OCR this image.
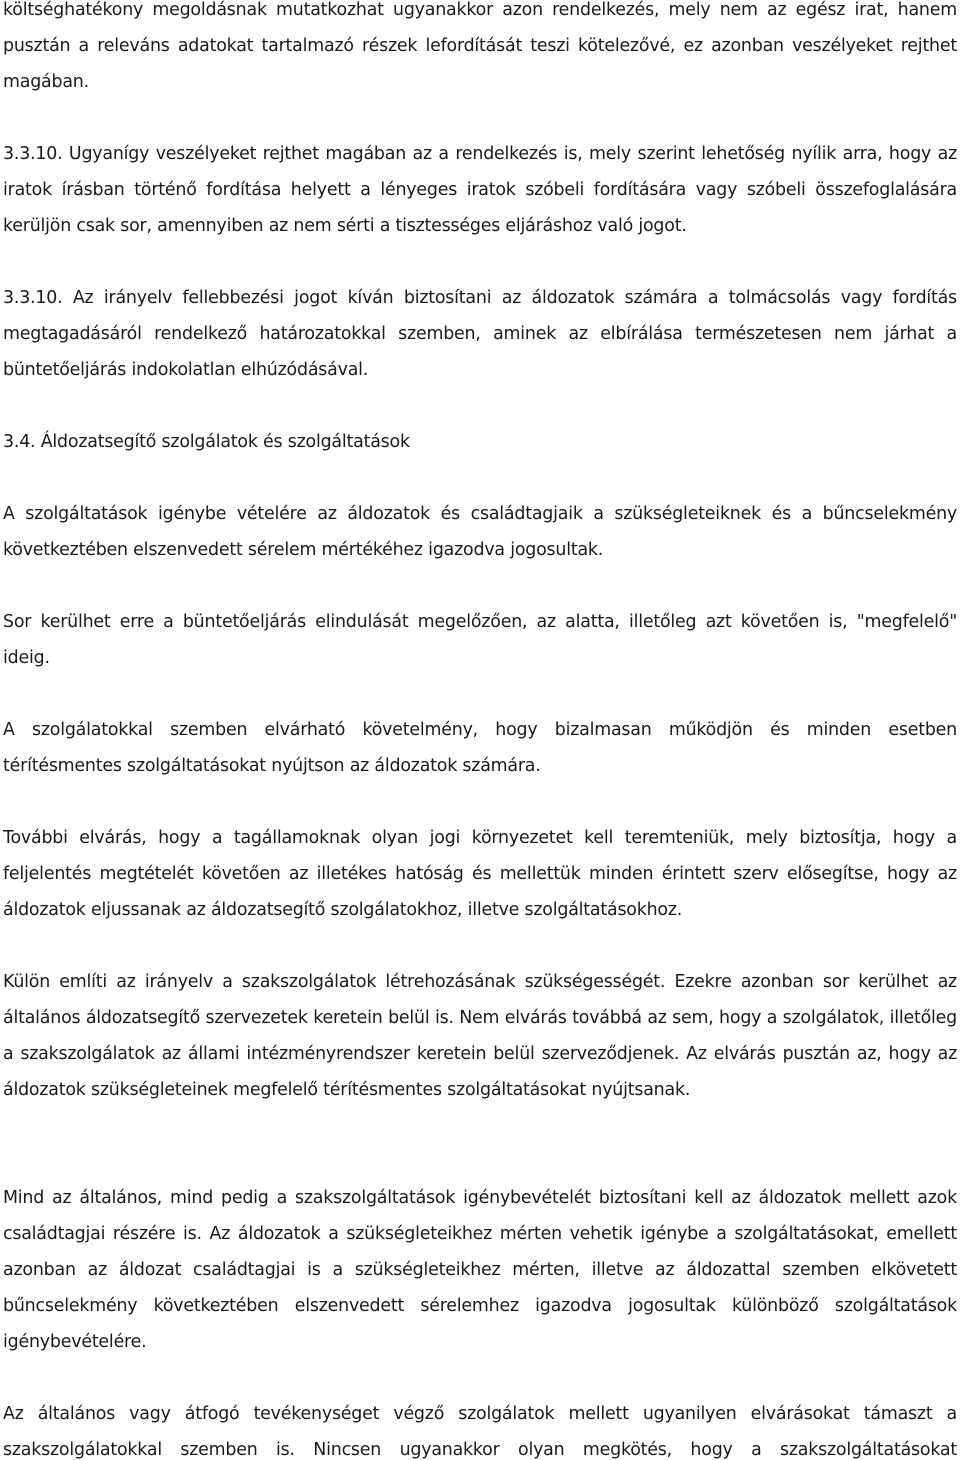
költséghatékony megoldásnak mutatkozhat ugyanakkor azon rendelkezés, mely nem az egész irat, hanem pusztán a releváns adatokat tartalmazó részek lefordítását teszi kötelezővé, ez azonban veszélyeket rejthet magában.

3.3.10. Ugyanígy veszélyeket rejthet magában az a rendelkezés is, mely szerint lehetőség nyílik arra, hogy az iratok írásban történő fordítása helyett a lényeges iratok szóbeli fordítására vagy szóbeli összefoglalására kerüljön csak sor, amennyiben az nem sérti a tisztességes eljáráshoz való jogot.

3.3.10. Az irányelv fellebbezési jogot kíván biztosítani az áldozatok számára a tolmácsolás vagy fordítás megtagadásáról rendelkező határozatokkal szemben, aminek az elbírálása természetesen nem járhat a büntetőeljárás indokolatlan elhúzódásával.

3.4. Áldozatsegítő szolgálatok és szolgáltatások

A szolgáltatások igénybe vételére az áldozatok és családtagjaik a szükségleteiknek és a bűncselekmény következtében elszenvedett sérelem mértékéhez igazodva jogosultak.

Sor kerülhet erre a büntetőeljárás elindulását megelőzően, az alatta, illetőleg azt követően is, "megfelelő" ideig.

A szolgálatokkal szemben elvárható követelmény, hogy bizalmasan működjön és minden esetben térítésmentes szolgáltatásokat nyújtson az áldozatok számára.

További elvárás, hogy a tagállamoknak olyan jogi környezetet kell teremteniük, mely biztosítja, hogy a feljelentés megtételét követően az illetékes hatóság és mellettük minden érintett szerv elősegítse, hogy az áldozatok eljussanak az áldozatsegítő szolgálatokhoz, illetve szolgáltatásokhoz.

Külön említi az irányelv a szakszolgálatok létrehozásának szükségességét. Ezekre azonban sor kerülhet az általános áldozatsegítő szervezetek keretein belül is. Nem elvárás továbbá az sem, hogy a szolgálatok, illetőleg a szakszolgálatok az állami intézményrendszer keretein belül szerveződjenek. Az elvárás pusztán az, hogy az áldozatok szükségleteinek megfelelő térítésmentes szolgáltatásokat nyújtsanak.

Mind az általános, mind pedig a szakszolgáltatások igénybevételét biztosítani kell az áldozatok mellett azok családtagjai részére is. Az áldozatok a szükségleteikhez mérten vehetik igénybe a szolgáltatásokat, emellett azonban az áldozat családtagjai is a szükségleteikhez mérten, illetve az áldozattal szemben elkövetett bűncselekmény következtében elszenvedett sérelemhez igazodva jogosultak különböző szolgáltatások igénybevételére.

Az általános vagy átfogó tevékenységet végző szolgálatok mellett ugyanilyen elvárásokat támaszt a szakszolgálatokkal szemben is. Nincsen ugyanakkor olyan megkötés, hogy a szakszolgáltatásokat
